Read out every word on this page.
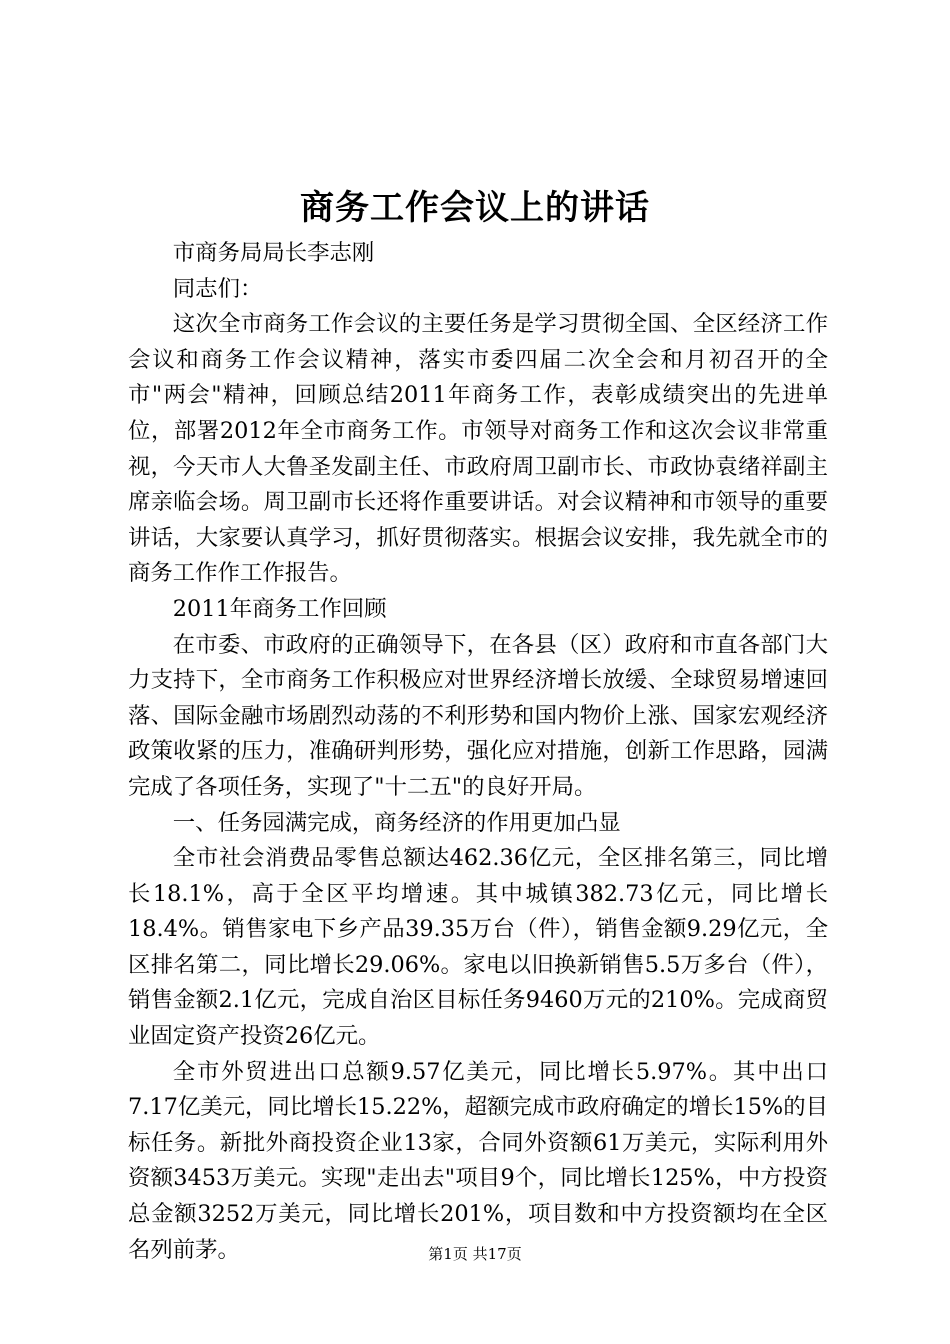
商务工作会议上的讲话

市商务局局长李志刚

同志们：

这次全市商务工作会议的主要任务是学习贯彻全国、全区经济工作会议和商务工作会议精神，落实市委四届二次全会和月初召开的全市"两会"精神，回顾总结2011年商务工作，表彰成绩突出的先进单位，部署2012年全市商务工作。市领导对商务工作和这次会议非常重视，今天市人大鲁圣发副主任、市政府周卫副市长、市政协袁绪祥副主席亲临会场。周卫副市长还将作重要讲话。对会议精神和市领导的重要讲话，大家要认真学习，抓好贯彻落实。根据会议安排，我先就全市的商务工作作工作报告。

2011年商务工作回顾

在市委、市政府的正确领导下，在各县（区）政府和市直各部门大力支持下，全市商务工作积极应对世界经济增长放缓、全球贸易增速回落、国际金融市场剧烈动荡的不利形势和国内物价上涨、国家宏观经济政策收紧的压力，准确研判形势，强化应对措施，创新工作思路，园满完成了各项任务，实现了"十二五"的良好开局。

一、任务园满完成，商务经济的作用更加凸显

全市社会消费品零售总额达462.36亿元，全区排名第三，同比增长18.1%，高于全区平均增速。其中城镇382.73亿元，同比增长18.4%。销售家电下乡产品39.35万台（件），销售金额9.29亿元，全区排名第二，同比增长29.06%。家电以旧换新销售5.5万多台（件），销售金额2.1亿元，完成自治区目标任务9460万元的210%。完成商贸业固定资产投资26亿元。

全市外贸进出口总额9.57亿美元，同比增长5.97%。其中出口7.17亿美元，同比增长15.22%，超额完成市政府确定的增长15%的目标任务。新批外商投资企业13家，合同外资额61万美元，实际利用外资额3453万美元。实现"走出去"项目9个，同比增长125%，中方投资总金额3252万美元，同比增长201%，项目数和中方投资额均在全区名列前茅。	第1页 共17页
